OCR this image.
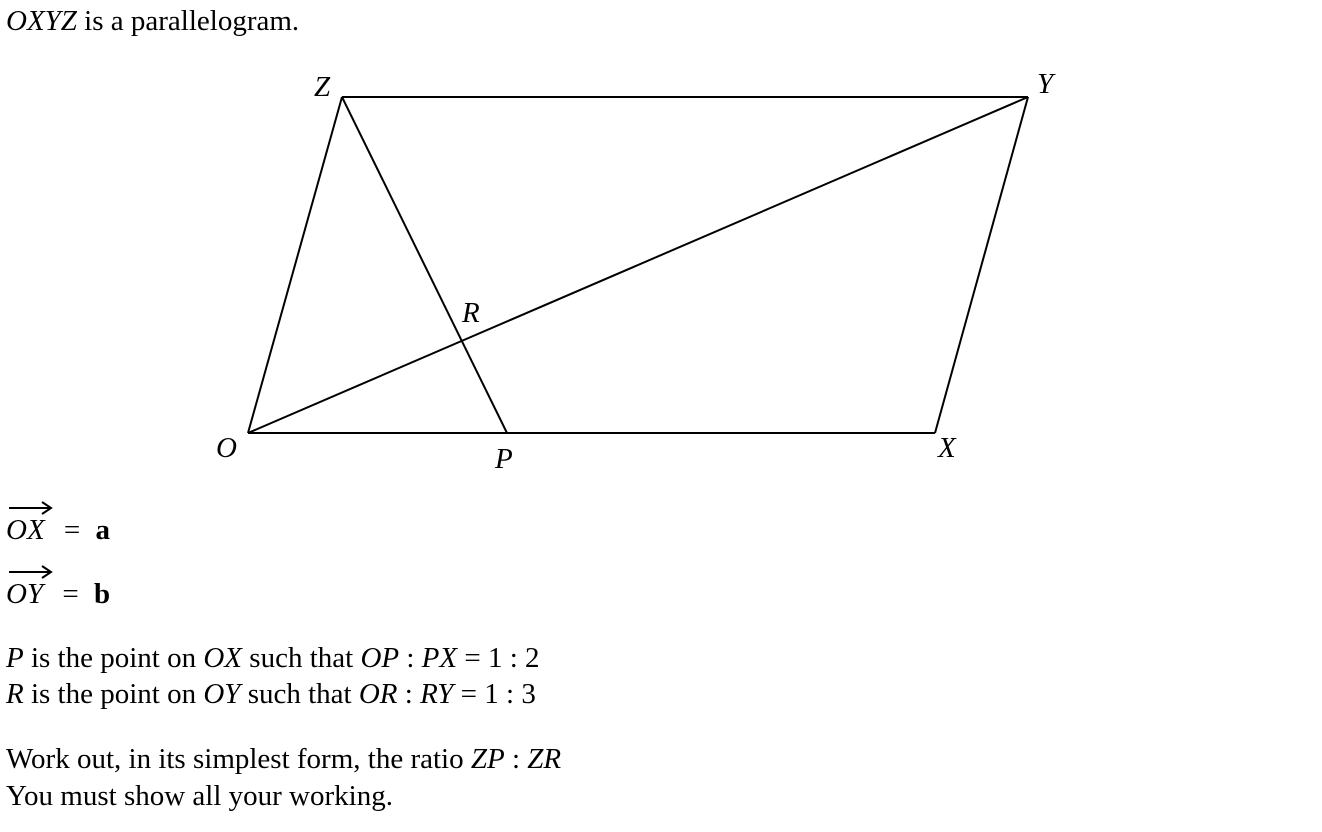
OXYZ is a parallelogram.
O	X
Y
Z
P
R
OX = a
OY = b
P is the point on OX such that OP : PX = 1 : 2
R is the point on OY such that OR : RY = 1 : 3
Work out, in its simplest form, the ratio ZP : ZR
You must show all your working.
